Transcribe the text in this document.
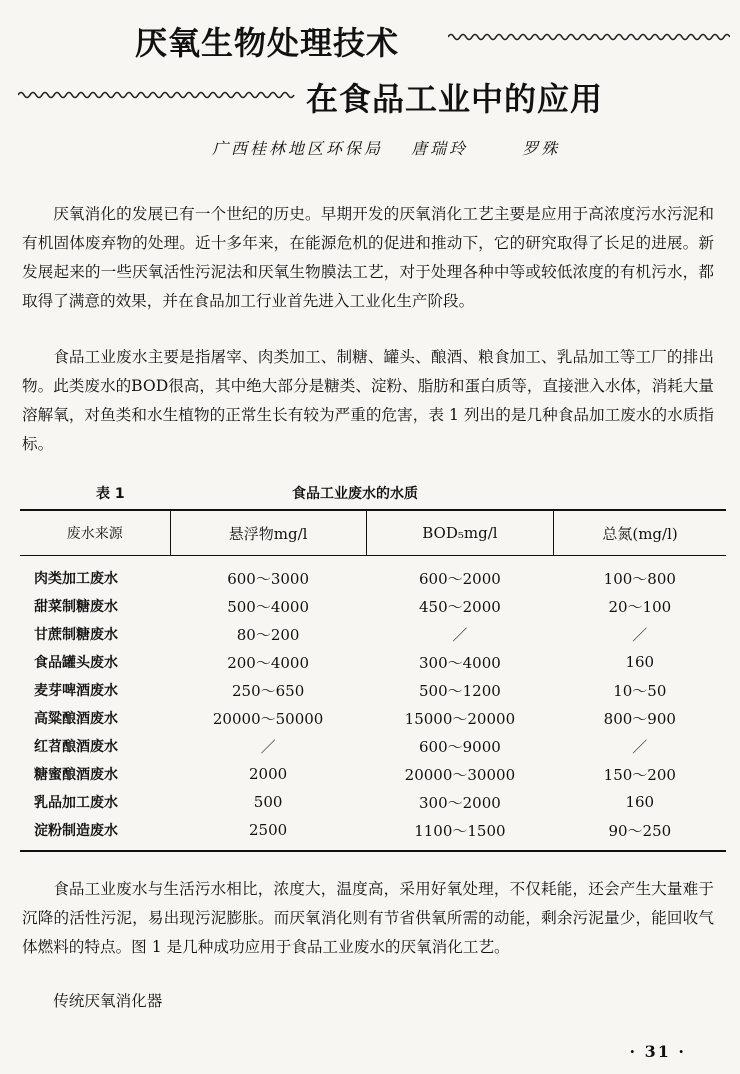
厌氧生物处理技术
在食品工业中的应用
广西桂林地区环保局 唐瑞玲	罗殊

厌氧消化的发展已有一个世纪的历史。早期开发的厌氧消化工艺主要是应用于高浓度污水污泥和有机固体废弃物的处理。近十多年来，在能源危机的促进和推动下，它的研究取得了长足的进展。新发展起来的一些厌氧活性污泥法和厌氧生物膜法工艺，对于处理各种中等或较低浓度的有机污水，都取得了满意的效果，并在食品加工行业首先进入工业化生产阶段。

食品工业废水主要是指屠宰、肉类加工、制糖、罐头、酿酒、粮食加工、乳品加工等工厂的排出物。此类废水的BOD很高，其中绝大部分是糖类、淀粉、脂肪和蛋白质等，直接泄入水体，消耗大量溶解氧，对鱼类和水生植物的正常生长有较为严重的危害，表 1 列出的是几种食品加工废水的水质指标。

表 1	食品工业废水的水质
废水来源	悬浮物mg/l	BOD₅mg/l	总氮(mg/l)
肉类加工废水	600～3000	600～2000	100～800
甜菜制糖废水	500～4000	450～2000	20～100
甘蔗制糖废水	80～200	／	／
食品罐头废水	200～4000	300～4000	160
麦芽啤酒废水	250～650	500～1200	10～50
高粱酿酒废水	20000～50000	15000～20000	800～900
红苕酿酒废水	／	600～9000	／
糖蜜酿酒废水	2000	20000～30000	150～200
乳品加工废水	500	300～2000	160
淀粉制造废水	2500	1100～1500	90～250

食品工业废水与生活污水相比，浓度大，温度高，采用好氧处理，不仅耗能，还会产生大量难于沉降的活性污泥，易出现污泥膨胀。而厌氧消化则有节省供氧所需的动能，剩余污泥量少，能回收气体燃料的特点。图 1 是几种成功应用于食品工业废水的厌氧消化工艺。

传统厌氧消化器

· 31 ·
